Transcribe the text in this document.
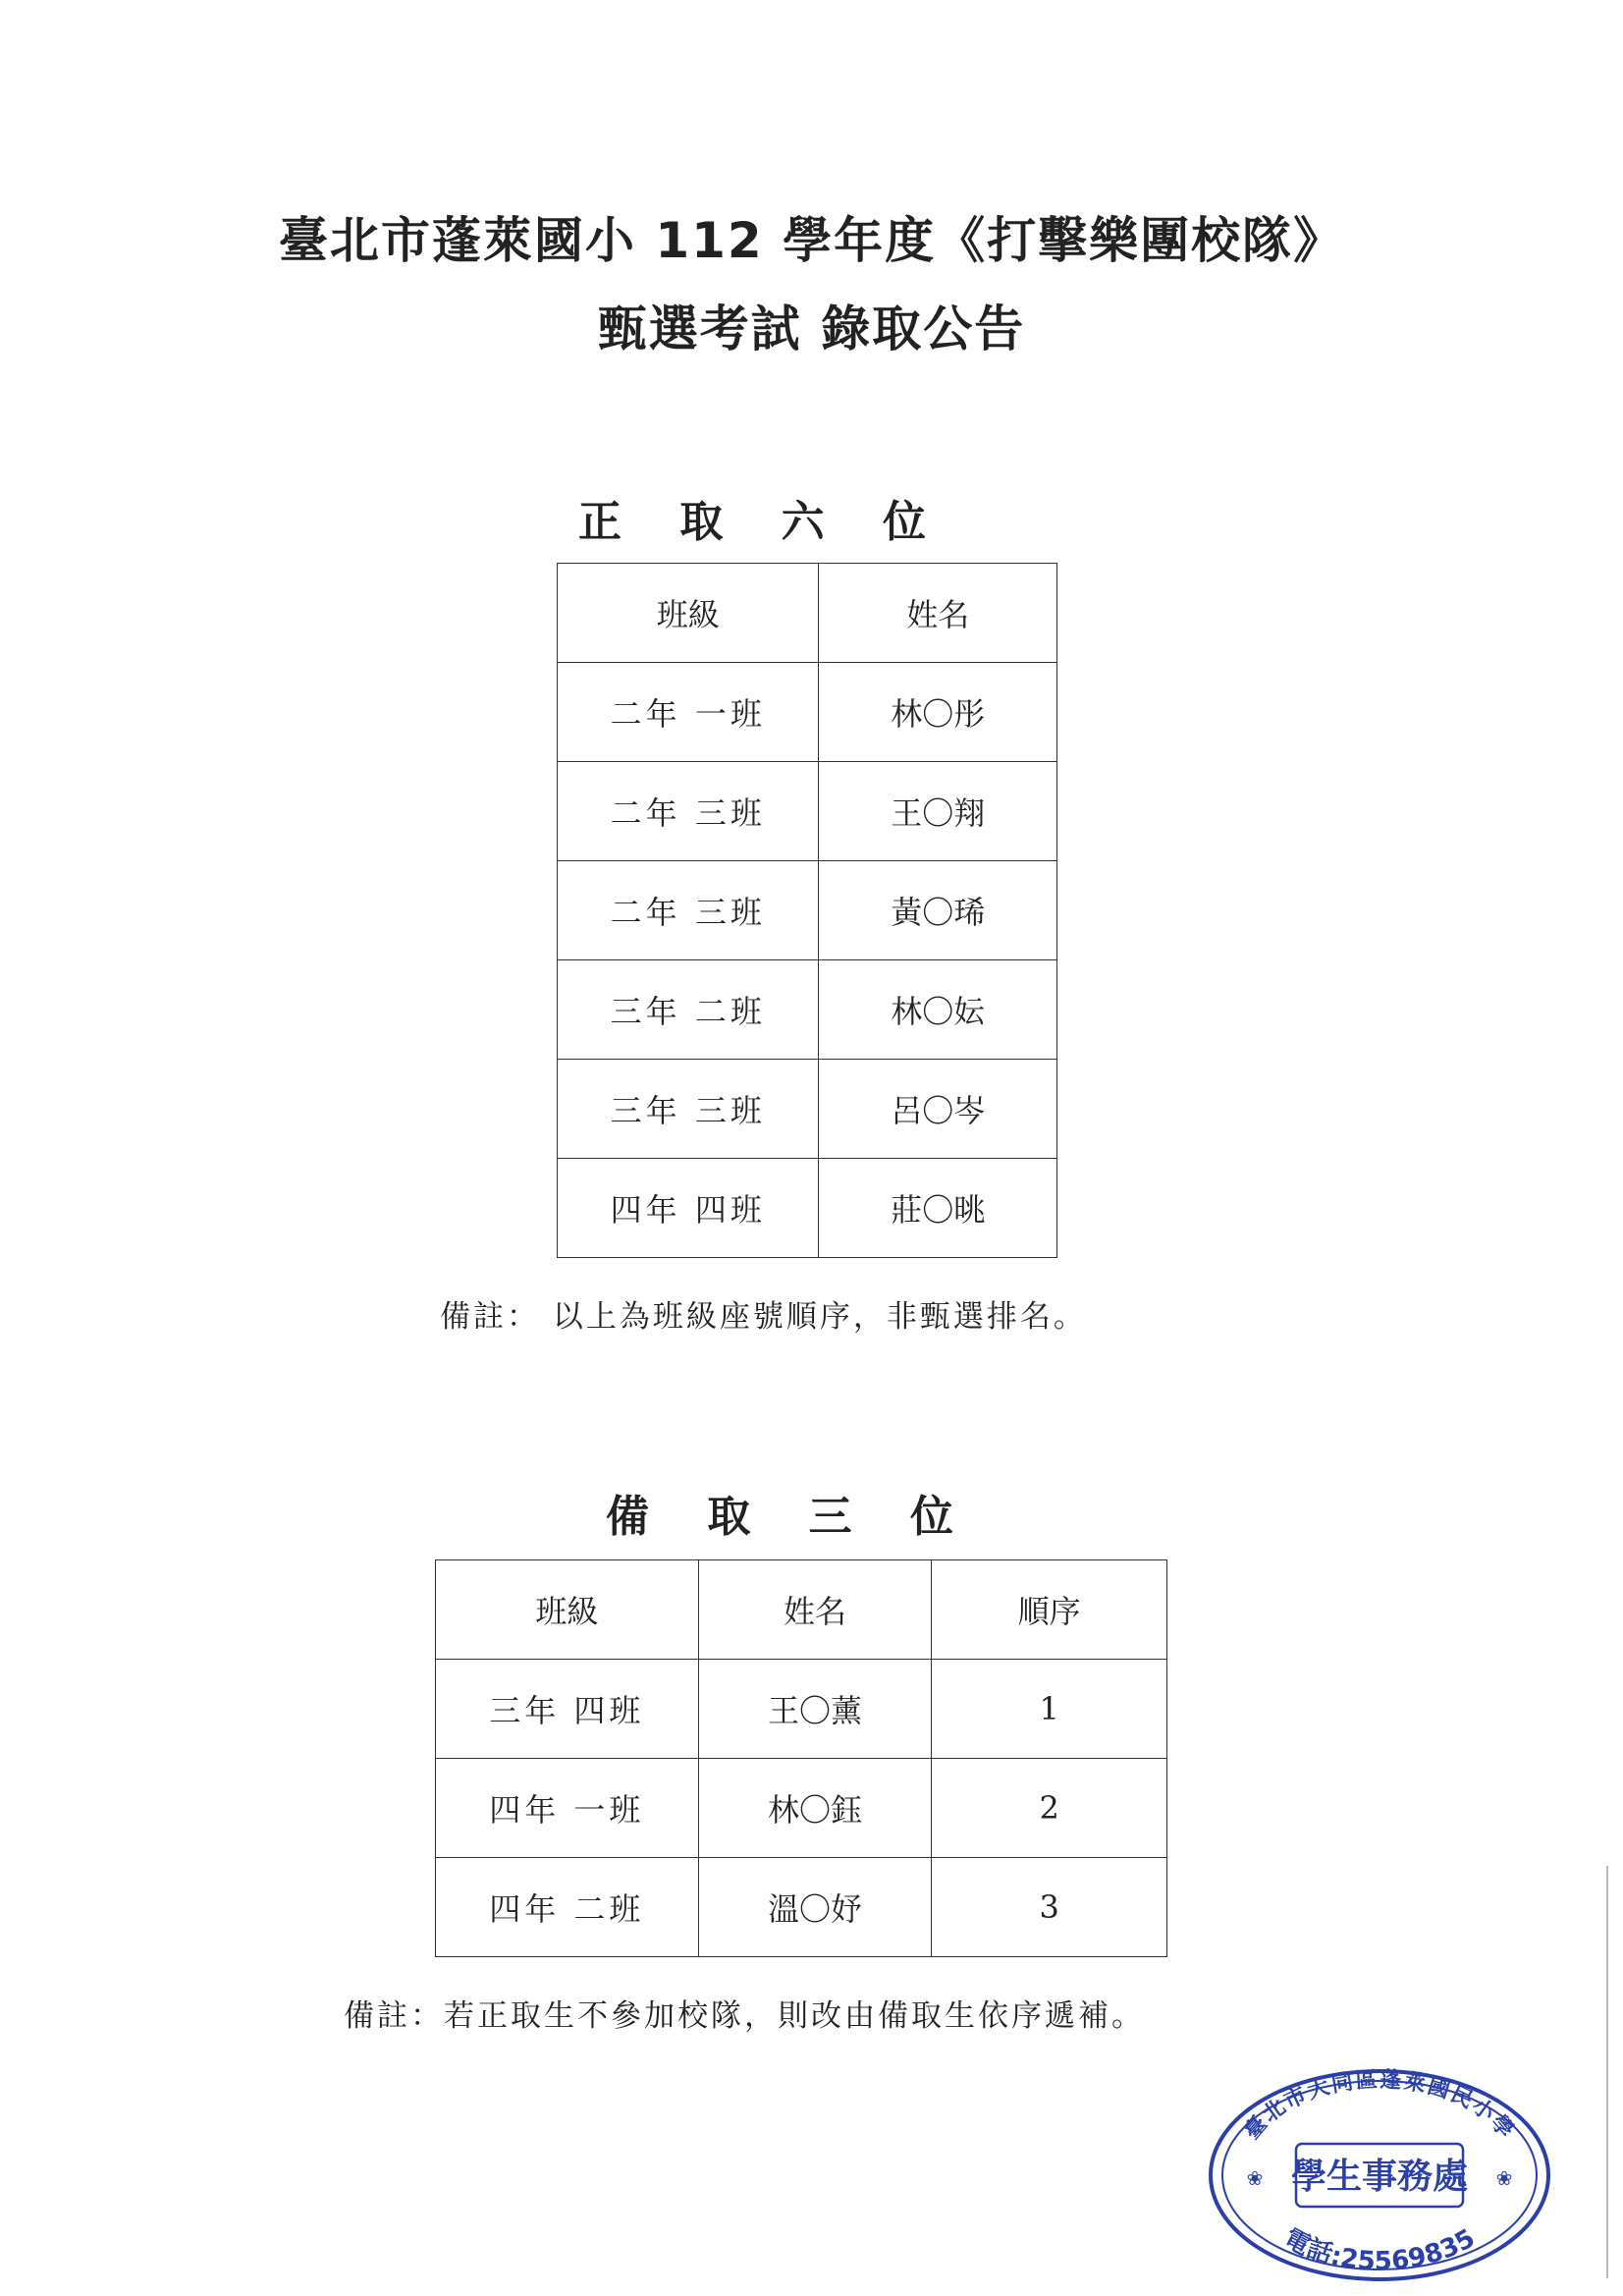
臺北市蓬萊國小 112 學年度《打擊樂團校隊》
甄選考試 錄取公告
正 取 六 位
班級	姓名
二年 一班	林〇彤
二年 三班	王〇翔
二年 三班	黃〇琋
三年 二班	林〇妘
三年 三班	呂〇岑
四年 四班	莊〇晀

備註： 以上為班級座號順序，非甄選排名。

備 取 三 位
班級	姓名	順序
三年 四班	王〇薰	1
四年 一班	林〇鈺	2
四年 二班	溫〇妤	3

備註：若正取生不參加校隊，則改由備取生依序遞補。

臺北市大同區蓬萊國民小學
學生事務處
電話:25569835
❀	❀
